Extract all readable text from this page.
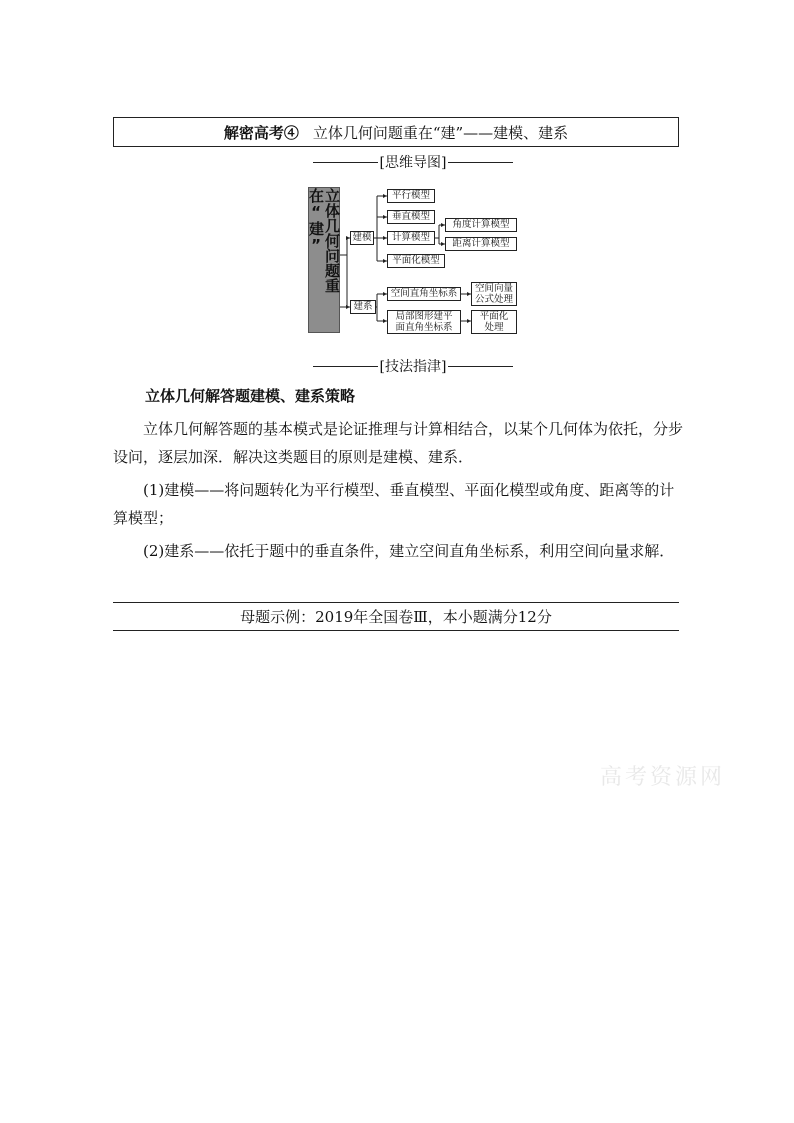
解密高考④ 立体几何问题重在“建”——建模、建系
[思维导图]
立体几何问题重在“建”	建模
建系
平行模型
垂直模型
计算模型
平面化模型
角度计算模型
距离计算模型
空间直角坐标系
局部图形建平
面直角坐标系
空间向量
公式处理
平面化
处理
[技法指津]
立体几何解答题建模、建系策略
立体几何解答题的基本模式是论证推理与计算相结合，以某个几何体为依托，分步设问，逐层加深．解决这类题目的原则是建模、建系．
(1)建模——将问题转化为平行模型、垂直模型、平面化模型或角度、距离等的计算模型；
(2)建系——依托于题中的垂直条件，建立空间直角坐标系，利用空间向量求解．
母题示例：2019年全国卷Ⅲ，本小题满分12分
高考资源网
